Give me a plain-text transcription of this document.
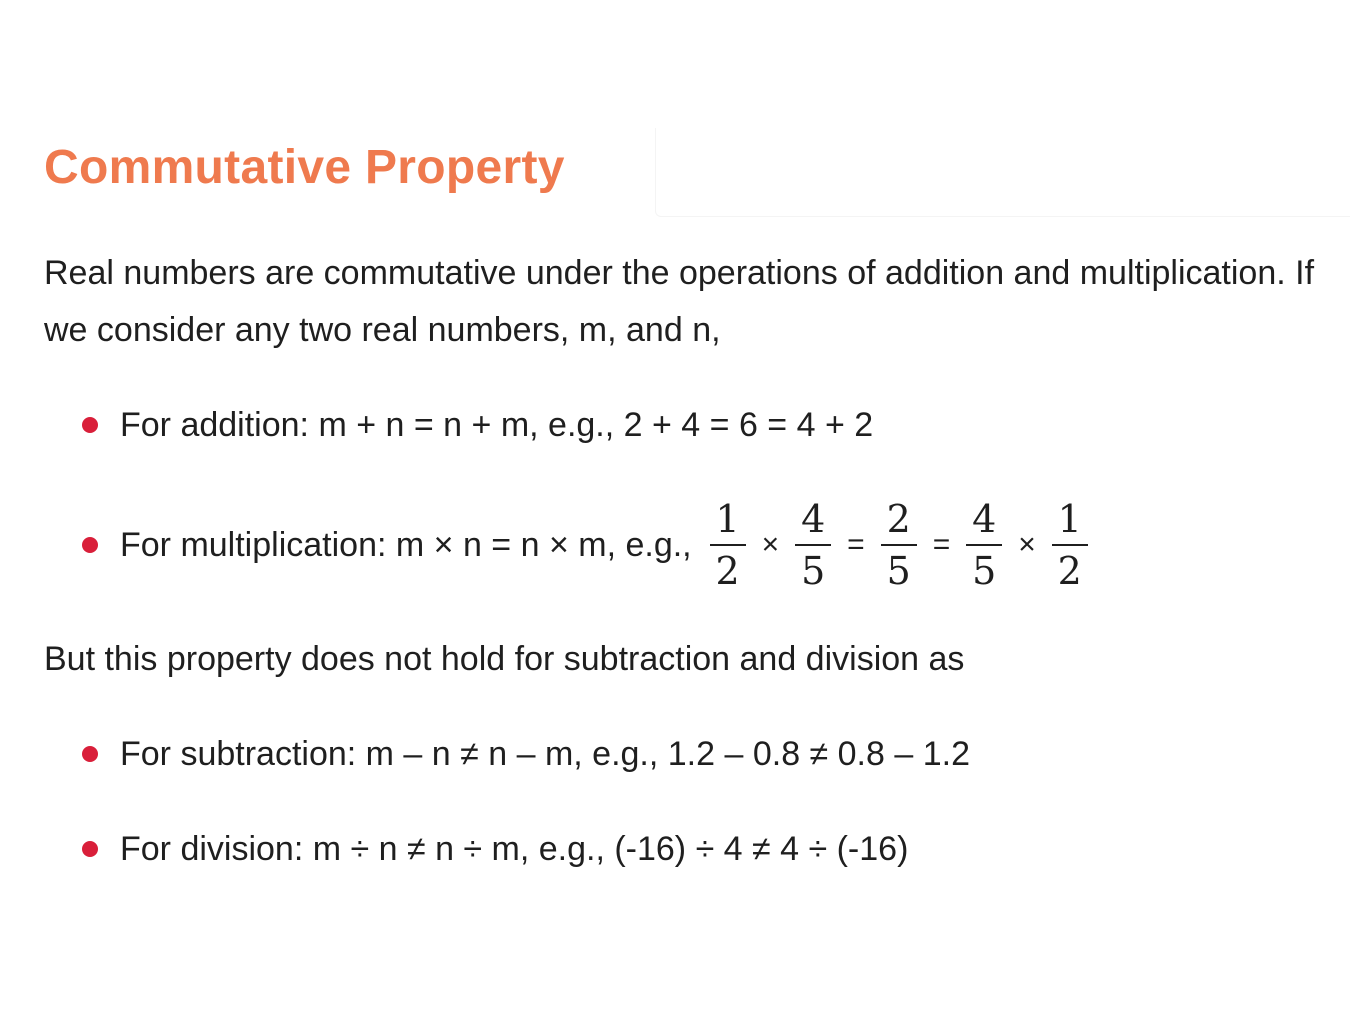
Commutative Property
Real numbers are commutative under the operations of addition and multiplication. If we consider any two real numbers, m, and n,
For addition: m + n = n + m, e.g., 2 + 4 = 6 = 4 + 2
For multiplication: m × n = n × m, e.g., $\frac{1}{2} \times \frac{4}{5} = \frac{2}{5} = \frac{4}{5} \times \frac{1}{2}$
But this property does not hold for subtraction and division as
For subtraction: m – n ≠ n – m, e.g., 1.2 – 0.8 ≠ 0.8 – 1.2
For division: m ÷ n ≠ n ÷ m, e.g., (-16) ÷ 4 ≠ 4 ÷ (-16)
